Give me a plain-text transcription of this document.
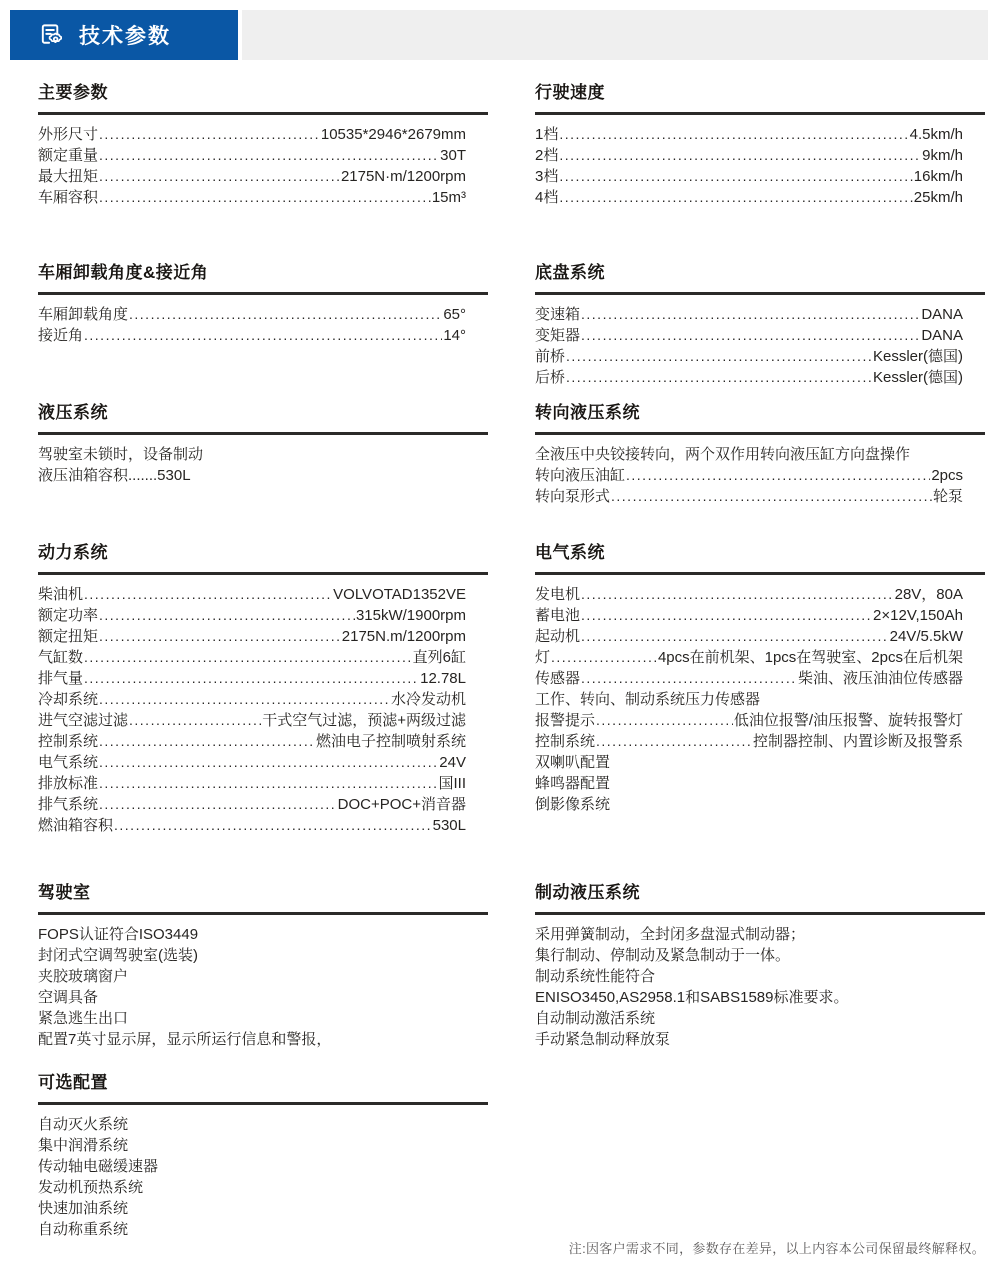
技术参数
主要参数
外形尺寸 .....	10535*2946*2679mm
额定重量 .....	30T
最大扭矩 .....	2175N·m/1200rpm
车厢容积 .....	15m³
车厢卸载角度&接近角
车厢卸载角度 .....	65°
接近角 .....	14°
液压系统
驾驶室未锁时，设备制动
液压油箱容积.......530L
动力系统
柴油机 .....	VOLVOTAD1352VE
额定功率 .....	315kW/1900rpm
额定扭矩 .....	2175N.m/1200rpm
气缸数 .....	直列6缸
排气量 .....	12.78L
冷却系统 .....	水冷发动机
进气空滤过滤 .....	干式空气过滤，预滤+两级过滤
控制系统 .....	燃油电子控制喷射系统
电气系统 .....	24V
排放标准 .....	国III
排气系统 .....	DOC+POC+消音器
燃油箱容积 .....	530L
驾驶室
FOPS认证符合ISO3449
封闭式空调驾驶室(选装)
夹胶玻璃窗户
空调具备
紧急逃生出口
配置7英寸显示屏，显示所运行信息和警报，
可选配置
自动灭火系统
集中润滑系统
传动轴电磁缓速器
发动机预热系统
快速加油系统
自动称重系统
行驶速度
1档 .....	4.5km/h
2档 .....	9km/h
3档 .....	16km/h
4档 .....	25km/h
底盘系统
变速箱 .....	DANA
变矩器 .....	DANA
前桥 .....	Kessler(德国)
后桥 .....	Kessler(德国)
转向液压系统
全液压中央铰接转向，两个双作用转向液压缸方向盘操作
转向液压油缸 .....	2pcs
转向泵形式 .....	轮泵
电气系统
发电机 .....	28V，80A
蓄电池 .....	2×12V,150Ah
起动机 .....	24V/5.5kW
灯 .....	4pcs在前机架、1pcs在驾驶室、2pcs在后机架
传感器 .....	柴油、液压油油位传感器
工作、转向、制动系统压力传感器
报警提示 .....	低油位报警/油压报警、旋转报警灯
控制系统 .....	控制器控制、内置诊断及报警系
双喇叭配置
蜂鸣器配置
倒影像系统
制动液压系统
采用弹簧制动，全封闭多盘湿式制动器；
集行制动、停制动及紧急制动于一体。
制动系统性能符合
ENISO3450,AS2958.1和SABS1589标准要求。
自动制动激活系统
手动紧急制动释放泵
注:因客户需求不同，参数存在差异，以上内容本公司保留最终解释权。
